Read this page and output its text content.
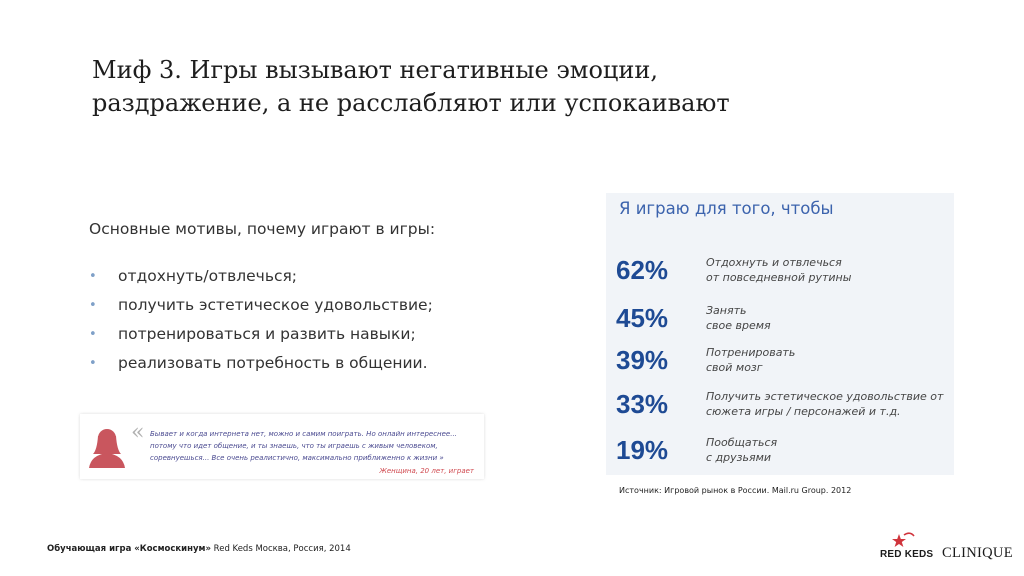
Миф 3. Игры вызывают негативные эмоции,
раздражение, а не расслабляют или успокаивают
Основные мотивы, почему играют в игры:
• отдохнуть/отвлечься;
• получить эстетическое удовольствие;
• потренироваться и развить навыки;
• реализовать потребность в общении.
« Бывает и когда интернета нет, можно и самим поиграть. Но онлайн интереснее... потому что идет общение, и ты знаешь, что ты играешь с живым человеком, соревнуешься... Все очень реалистично, максимально приближенно к жизни »
Женщина, 20 лет, играет
Я играю для того, чтобы
62%	Отдохнуть и отвлечься
от повседневной рутины
45%	Занять
свое время
39%	Потренировать
свой мозг
33%	Получить эстетическое удовольствие от
сюжета игры / персонажей и т.д.
19%	Пообщаться
с друзьями
Источник: Игровой рынок в России. Mail.ru Group. 2012
Обучающая игра «Космоскинум» Red Keds Москва, Россия, 2014	RED KEDS CLINIQUE
